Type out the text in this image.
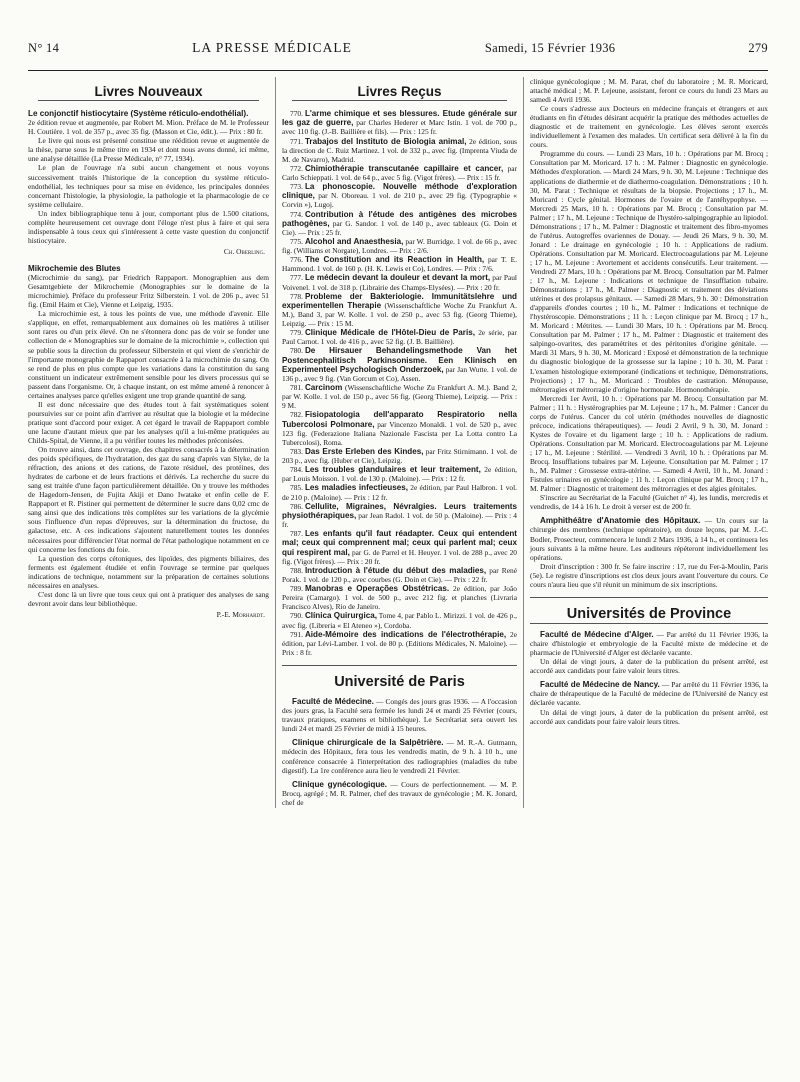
N° 14	LA PRESSE MÉDICALE	Samedi, 15 Février 1936	279
Livres Nouveaux
Le conjonctif histiocytaire (Système réticulo-endothélial).

2e édition revue et augmentée, par Robert M. Mion. Préface de M. le Professeur H. Coutière. 1 vol. de 357 p., avec 35 fig. (Masson et Cie, édit.). — Prix : 80 fr.

Le livre qui nous est présenté constitue une réédition revue et augmentée de la thèse, parue sous le même titre en 1934 et dont nous avons donné, ici même, une analyse détaillée (La Presse Médicale, n° 77, 1934).

Le plan de l'ouvrage n'a subi aucun changement et nous voyons successivement traités l'historique de la conception du système réticulo-endothélial, les techniques pour sa mise en évidence, les principales données concernant l'histologie, la physiologie, la pathologie et la pharmacologie de ce système cellulaire.

Un index bibliographique tenu à jour, comportant plus de 1.500 citations, complète heureusement cet ouvrage dont l'éloge n'est plus à faire et qui sera indispensable à tous ceux qui s'intéressent à cette vaste question du conjonctif histiocytaire.

Ch. Oberling.
Mikrochemie des Blutes

(Microchimie du sang), par Friedrich Rappaport. Monographien aus dem Gesamtgebiete der Mikrochemie (Monographies sur le domaine de la microchimie). Préface du professeur Fritz Silberstein. 1 vol. de 206 p., avec 51 fig. (Emil Haim et Cie), Vienne et Leipzig, 1935.

La microchimie est, à tous les points de vue, une méthode d'avenir. Elle s'applique, en effet, remarquablement aux domaines où les matières à utiliser sont rares ou d'un prix élevé. On ne s'étonnera donc pas de voir se fonder une collection de « Monographies sur le domaine de la microchimie », collection qui se publie sous la direction du professeur Silberstein et qui vient de s'enrichir de l'importante monographie de Rappaport consacrée à la microchimie du sang. On se rend de plus en plus compte que les variations dans la constitution du sang constituent un indicateur extrêmement sensible pour les divers processus qui se passent dans l'organisme. Or, à chaque instant, on est même amené à renoncer à certaines analyses parce qu'elles exigent une trop grande quantité de sang.

Il est donc nécessaire que des études tout à fait systématiques soient poursuivies sur ce point afin d'arriver au résultat que la biologie et la médecine pratique sont d'accord pour exiger. A cet égard le travail de Rappaport comble une lacune d'autant mieux que par les analyses qu'il a lui-même pratiquées au Childs-Spital, de Vienne, il a pu vérifier toutes les méthodes préconisées.

On trouve ainsi, dans cet ouvrage, des chapitres consacrés à la détermination des poids spécifiques, de l'hydratation, des gaz du sang d'après van Slyke, de la réfraction, des anions et des cations, de l'azote résiduel, des protéines, des hydrates de carbone et de leurs fractions et dérivés. La recherche du sucre du sang est traitée d'une façon particulièrement détaillée. On y trouve les méthodes de Hagedorn-Jensen, de Fujita Akiji et Dano Iwatake et enfin celle de F. Rappaport et R. Pistiner qui permettent de déterminer le sucre dans 0,02 cmc de sang ainsi que des indications très complètes sur les variations de la glycémie sous l'influence d'un repas d'épreuves, sur la détermination du fructose, du galactose, etc. A ces indications s'ajoutent naturellement toutes les données nécessaires pour différencier l'état normal de l'état pathologique notamment en ce qui concerne les fonctions du foie.

La question des corps cétoniques, des lipoïdes, des pigments biliaires, des ferments est également étudiée et enfin l'ouvrage se termine par quelques indications de technique, notamment sur la préparation de certaines solutions nécessaires en analyses.

C'est donc là un livre que tous ceux qui ont à pratiquer des analyses de sang devront avoir dans leur bibliothèque.

P.-E. Morhardt.
Livres Reçus

770. L'arme chimique et ses blessures. Etude générale sur les gaz de guerre, par Charles Hederer et Marc Istin. 1 vol. de 700 p., avec 110 fig. (J.-B. Baillière et fils). — Prix : 125 fr.

771. Trabajos del Instituto de Biologia animal, 2e édition, sous la direction de C. Ruiz Martinez. 1 vol. de 332 p., avec fig. (Imprenta Viuda de M. de Navarro), Madrid.

772. Chimiothérapie transcutanée capillaire et cancer, par Carlo Schieppati. 1 vol. de 64 p., avec 5 fig. (Vigot frères). — Prix : 15 fr.

773. La phonoscopie. Nouvelle méthode d'exploration clinique, par N. Oboreau. 1 vol. de 210 p., avec 29 fig. (Typographie « Corvin »), Lugoj.

774. Contribution à l'étude des antigènes des microbes pathogènes, par G. Sandor. 1 vol. de 140 p., avec tableaux (G. Doin et Cie). — Prix : 25 fr.

775. Alcohol and Anaesthesia, par W. Burridge. 1 vol. de 66 p., avec fig. (Williams et Norgate), Londres. — Prix : 2/6.

776. The Constitution and its Reaction in Health, par T. E. Hammond. 1 vol. de 160 p. (H. K. Lewis et Co), Londres. — Prix : 7/6.

777. Le médecin devant la douleur et devant la mort, par Paul Voivenel. 1 vol. de 318 p. (Librairie des Champs-Elysées). — Prix : 20 fr.

778. Probleme der Bakteriologie. Immunitätslehre und experimentellen Therapie (Wissenschaftliche Woche Zu Frankfurt A. M.), Band 3, par W. Kolle. 1 vol. de 250 p., avec 53 fig. (Georg Thieme), Leipzig. — Prix : 15 M.

779. Clinique Médicale de l'Hôtel-Dieu de Paris, 2e série, par Paul Carnot. 1 vol. de 416 p., avec 52 fig. (J. B. Baillière).

780. De Hirsauer Behandelingsmethode Van het Postencephalitisch Parkinsonisme. Een Klinisch en Experimenteel Psychologisch Onderzoek, par Jan Wutte. 1 vol. de 136 p., avec 9 fig. (Van Gorcum et Co), Assen.

781. Carcinom (Wissenschaftliche Woche Zu Frankfurt A. M.). Band 2, par W. Kolle. 1 vol. de 150 p., avec 56 fig. (Georg Thieme), Leipzig. — Prix : 9 M.

782. Fisiopatologia dell'apparato Respiratorio nella Tubercolosi Polmonare, par Vincenzo Monaldi. 1 vol. de 520 p., avec 123 fig. (Federazione Italiana Nazionale Fascista per La Lotta contro La Tubercolosi), Roma.

783. Das Erste Erleben des Kindes, par Fritz Stirnimann. 1 vol. de 203 p., avec fig. (Huber et Cie), Leipzig.

784. Les troubles glandulaires et leur traitement, 2e édition, par Louis Moisson. 1 vol. de 130 p. (Maloine). — Prix : 12 fr.

785. Les maladies infectieuses, 2e édition, par Paul Halbron. 1 vol. de 210 p. (Maloine). — Prix : 12 fr.

786. Cellulite, Migraines, Névralgies. Leurs traitements physiothérapiques, par Jean Radol. 1 vol. de 50 p. (Maloine). — Prix : 4 fr.

787. Les enfants qu'il faut réadapter. Ceux qui entendent mal; ceux qui comprennent mal; ceux qui parlent mal; ceux qui respirent mal, par G. de Parrel et H. Heuyer. 1 vol. de 288 p., avec 20 fig. (Vigot frères). — Prix : 20 fr.

788. Introduction à l'étude du début des maladies, par René Porak. 1 vol. de 120 p., avec courbes (G. Doin et Cie). — Prix : 22 fr.

789. Manobras e Operações Obstétricas. 2e édition, par João Pereira (Camargo). 1 vol. de 500 p., avec 212 fig. et planches (Livraria Francisco Alves), Rio de Janeiro.

790. Clínica Quirurgica, Tome 4, par Pablo L. Mirizzi. 1 vol. de 426 p., avec fig. (Libreria « El Ateneo »), Cordoba.

791. Aide-Mémoire des indications de l'électrothérapie, 2e édition, par Lévi-Lamber. 1 vol. de 80 p. (Editions Médicales, N. Maloine). — Prix : 8 fr.

Université de Paris

Faculté de Médecine. — Congés des jours gras 1936. — A l'occasion des jours gras, la Faculté sera fermée les lundi 24 et mardi 25 Février (cours, travaux pratiques, examens et bibliothèque). Le Secrétariat sera ouvert les lundi 24 et mardi 25 Février de midi à 15 heures.

Clinique chirurgicale de la Salpêtrière. — M. R.-A. Gutmann, médecin des Hôpitaux, fera tous les vendredis matin, de 9 h. à 10 h., une conférence consacrée à l'interprétation des radiographies (maladies du tube digestif). La 1re conférence aura lieu le vendredi 21 Février.

Clinique gynécologique. — Cours de perfectionnement. — M. P. Brocq, agrégé ; M. R. Palmer, chef des travaux de gynécologie ; M. K. Jonard, chef de

clinique gynécologique ; M. M. Parat, chef du laboratoire ; M. R. Moricard, attaché médical ; M. P. Lejeune, assistant, feront ce cours du lundi 23 Mars au samedi 4 Avril 1936.

Ce cours s'adresse aux Docteurs en médecine français et étrangers et aux étudiants en fin d'études désirant acquérir la pratique des méthodes actuelles de diagnostic et de traitement en gynécologie. Les élèves seront exercés individuellement à l'examen des malades. Un certificat sera délivré à la fin du cours.

Programme du cours. — Lundi 23 Mars, 10 h. : Opérations par M. Brocq ; Consultation par M. Moricard. 17 h. : M. Palmer : Diagnostic en gynécologie. Méthodes d'exploration. — Mardi 24 Mars, 9 h. 30, M. Lejeune : Technique des applications de diathermie et de diathermo-coagulation. Démonstrations ; 10 h. 30, M. Parat : Technique et résultats de la biopsie. Projections ; 17 h., M. Moricard : Cycle génital. Hormones de l'ovaire et de l'antéhypophyse. — Mercredi 25 Mars, 10 h. : Opérations par M. Brocq ; Consultation par M. Palmer ; 17 h., M. Lejeune : Technique de l'hystéro-salpingographie au lipiodol. Démonstrations ; 17 h., M. Palmer : Diagnostic et traitement des fibro-myomes de l'utérus. Autogreffes ovariennes de Douay. — Jeudi 26 Mars, 9 h. 30, M. Jonard : Le drainage en gynécologie ; 10 h. : Applications de radium. Opérations. Consultation par M. Moricard. Electrocoagulations par M. Lejeune ; 17 h., M. Lejeune : Avortement et accidents consécutifs. Leur traitement. — Vendredi 27 Mars, 10 h. : Opérations par M. Brocq. Consultation par M. Palmer ; 17 h., M. Lejeune : Indications et technique de l'insufflation tubaire. Démonstrations ; 17 h., M. Palmer : Diagnostic et traitement des déviations utérines et des prolapsus génitaux. — Samedi 28 Mars, 9 h. 30 : Démonstration d'appareils d'ondes courtes ; 10 h., M. Palmer : Indications et technique de l'hystéroscopie. Démonstrations ; 11 h. : Leçon clinique par M. Brocq ; 17 h., M. Moricard : Métrites. — Lundi 30 Mars, 10 h. : Opérations par M. Brocq. Consultation par M. Palmer ; 17 h., M. Palmer : Diagnostic et traitement des salpingo-ovarites, des paramétrites et des péritonites d'origine génitale. — Mardi 31 Mars, 9 h. 30, M. Moricard : Exposé et démonstration de la technique du diagnostic biologique de la grossesse sur la lapine ; 10 h. 30, M. Parat : L'examen histologique extemporané (indications et technique, Démonstrations, Projections) ; 17 h., M. Moricard : Troubles de castration. Ménopause, métrorragies et métrorragie d'origine hormonale. Hormonothérapie.

Mercredi 1er Avril, 10 h. : Opérations par M. Brocq. Consultation par M. Palmer ; 11 h. : Hystérographies par M. Lejeune ; 17 h., M. Palmer : Cancer du corps de l'utérus. Cancer du col utérin (méthodes nouvelles de diagnostic précoce, indications thérapeutiques). — Jeudi 2 Avril, 9 h. 30, M. Jonard : Kystes de l'ovaire et du ligament large ; 10 h. : Applications de radium. Opérations. Consultation par M. Moricard. Electrocoagulations par M. Lejeune ; 17 h., M. Lejeune : Stérilité. — Vendredi 3 Avril, 10 h. : Opérations par M. Brocq. Insufflations tubaires par M. Lejeune. Consultation par M. Palmer ; 17 h., M. Palmer : Grossesse extra-utérine. — Samedi 4 Avril, 10 h., M. Jonard : Fistules urinaires en gynécologie ; 11 h. : Leçon clinique par M. Brocq ; 17 h., M. Palmer : Diagnostic et traitement des métrorragies et des algies génitales.

S'inscrire au Secrétariat de la Faculté (Guichet n° 4), les lundis, mercredis et vendredis, de 14 à 16 h. Le droit à verser est de 200 fr.

Amphithéâtre d'Anatomie des Hôpitaux. — Un cours sur la chirurgie des membres (technique opératoire), en douze leçons, par M. J.-C. Bodler, Prosecteur, commencera le lundi 2 Mars 1936, à 14 h., et continuera les jours suivants à la même heure. Les auditeurs répéteront individuellement les opérations.

Droit d'inscription : 300 fr. Se faire inscrire : 17, rue du Fer-à-Moulin, Paris (5e). Le registre d'inscriptions est clos deux jours avant l'ouverture du cours. Ce cours n'aura lieu que s'il réunit un minimum de six inscriptions.

Universités de Province

Faculté de Médecine d'Alger. — Par arrêté du 11 Février 1936, la chaire d'histologie et embryologie de la Faculté mixte de médecine et de pharmacie de l'Université d'Alger est déclarée vacante.

Un délai de vingt jours, à dater de la publication du présent arrêté, est accordé aux candidats pour faire valoir leurs titres.

Faculté de Médecine de Nancy. — Par arrêté du 11 Février 1936, la chaire de thérapeutique de la Faculté de médecine de l'Université de Nancy est déclarée vacante.

Un délai de vingt jours, à dater de la publication du présent arrêté, est accordé aux candidats pour faire valoir leurs titres.
